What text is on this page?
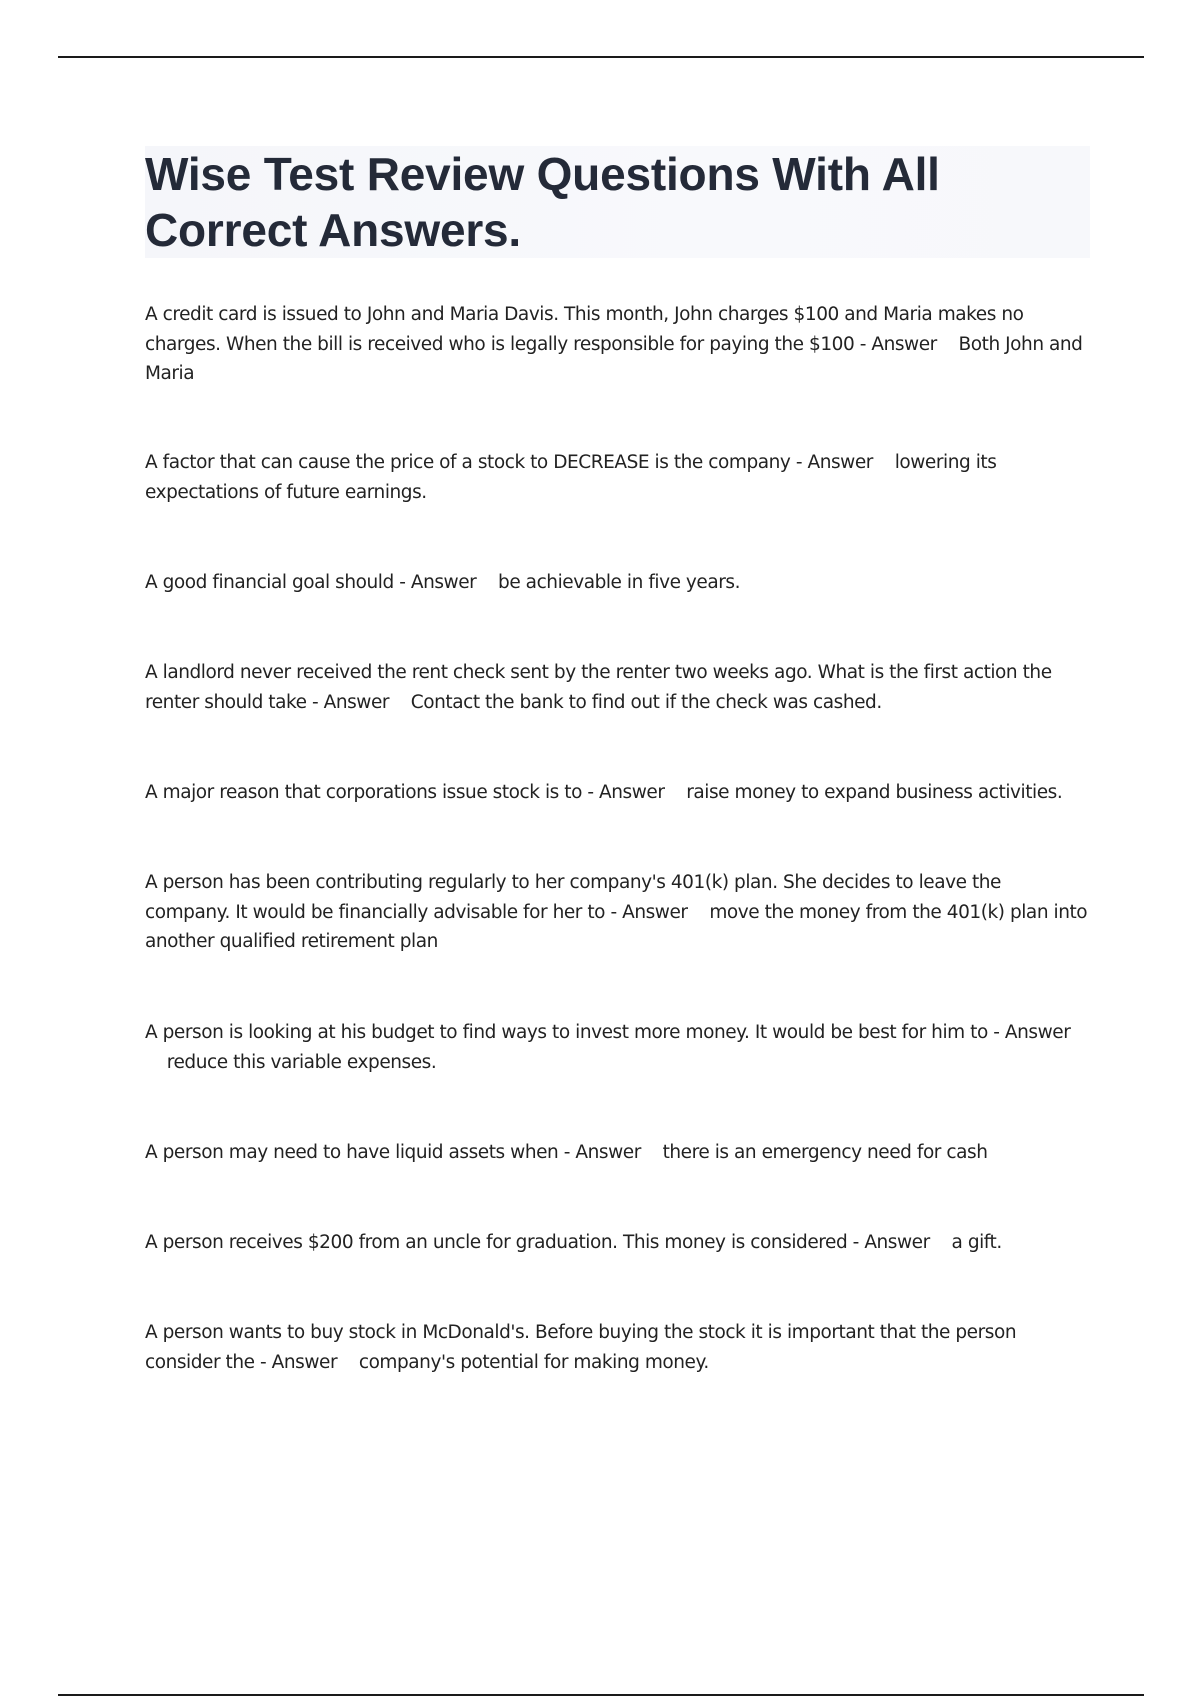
Wise Test Review Questions With All Correct Answers.

A credit card is issued to John and Maria Davis. This month, John charges $100 and Maria makes no charges. When the bill is received who is legally responsible for paying the $100 - Answer Both John and Maria

A factor that can cause the price of a stock to DECREASE is the company - Answer lowering its expectations of future earnings.

A good financial goal should - Answer be achievable in five years.

A landlord never received the rent check sent by the renter two weeks ago. What is the first action the renter should take - Answer Contact the bank to find out if the check was cashed.

A major reason that corporations issue stock is to - Answer raise money to expand business activities.

A person has been contributing regularly to her company's 401(k) plan. She decides to leave the company. It would be financially advisable for her to - Answer move the money from the 401(k) plan into another qualified retirement plan

A person is looking at his budget to find ways to invest more money. It would be best for him to - Answer    reduce this variable expenses.

A person may need to have liquid assets when - Answer there is an emergency need for cash

A person receives $200 from an uncle for graduation. This money is considered - Answer a gift.

A person wants to buy stock in McDonald's. Before buying the stock it is important that the person consider the - Answer company's potential for making money.
